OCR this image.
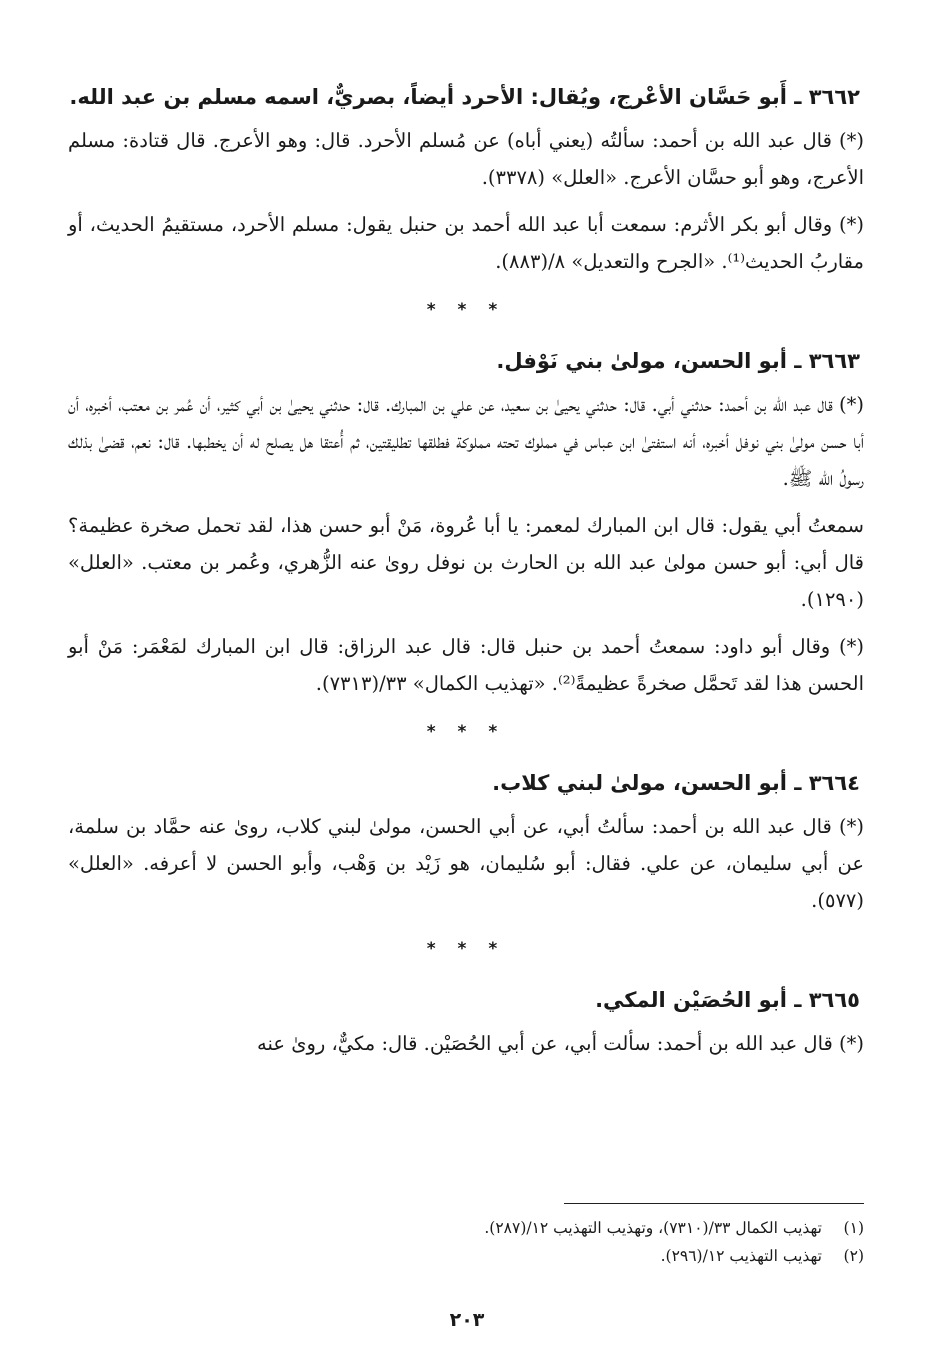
٣٦٦٢ ـ أَبو حَسَّان الأعْرج، ويُقال: الأحرد أيضاً، بصريٌّ، اسمه مسلم بن عبد الله.

(*) قال عبد الله بن أحمد: سألتُه (يعني أباه) عن مُسلم الأحرد. قال: وهو الأعرج. قال قتادة: مسلم الأعرج، وهو أبو حسَّان الأعرج. «العلل» (٣٣٧٨).

(*) وقال أبو بكر الأثرم: سمعت أبا عبد الله أحمد بن حنبل يقول: مسلم الأحرد، مستقيمُ الحديث، أو مقاربُ الحديث⁽¹⁾. «الجرح والتعديل» ٨/(٨٨٣).

* * *
٣٦٦٣ ـ أبو الحسن، مولىٰ بني نَوْفل.

(*) قال عبد الله بن أحمد: حدثني أبي. قال: حدثني يحيىٰ بن سعيد، عن علي بن المبارك. قال: حدثني يحيىٰ بن أبي كثير، أن عُمر بن معتب، أخبره، أن أبا حسن مولىٰ بني نوفل أخبره، أنه استفتىٰ ابن عباس في مملوك تحته مملوكة فطلقها تطليقتين، ثم أُعتقا هل يصلح له أن يخطبها. قال: نعم، قضىٰ بذلك رسولُ الله ﷺ.

سمعتُ أبي يقول: قال ابن المبارك لمعمر: يا أبا عُروة، مَنْ أبو حسن هذا، لقد تحمل صخرة عظيمة؟ قال أبي: أبو حسن مولىٰ عبد الله بن الحارث بن نوفل روىٰ عنه الزُّهري، وعُمر بن معتب. «العلل» (١٢٩٠).

(*) وقال أبو داود: سمعتُ أحمد بن حنبل قال: قال عبد الرزاق: قال ابن المبارك لمَعْمَر: مَنْ أبو الحسن هذا لقد تَحمَّل صخرةً عظيمةً⁽²⁾. «تهذيب الكمال» ٣٣/(٧٣١٣).

* * *
٣٦٦٤ ـ أبو الحسن، مولىٰ لبني كلاب.

(*) قال عبد الله بن أحمد: سألتُ أبي، عن أبي الحسن، مولىٰ لبني كلاب، روىٰ عنه حمَّاد بن سلمة، عن أبي سليمان، عن علي. فقال: أبو سُليمان، هو زَيْد بن وَهْب، وأبو الحسن لا أعرفه. «العلل» (٥٧٧).

* * *
٣٦٦٥ ـ أبو الحُصَيْن المكي.

(*) قال عبد الله بن أحمد: سألت أبي، عن أبي الحُصَيْن. قال: مكيٌّ، روىٰ عنه

(١)
تهذيب الكمال ٣٣/(٧٣١٠)، وتهذيب التهذيب ١٢/(٢٨٧).
(٢)
تهذيب التهذيب ١٢/(٢٩٦).
٢٠٣
